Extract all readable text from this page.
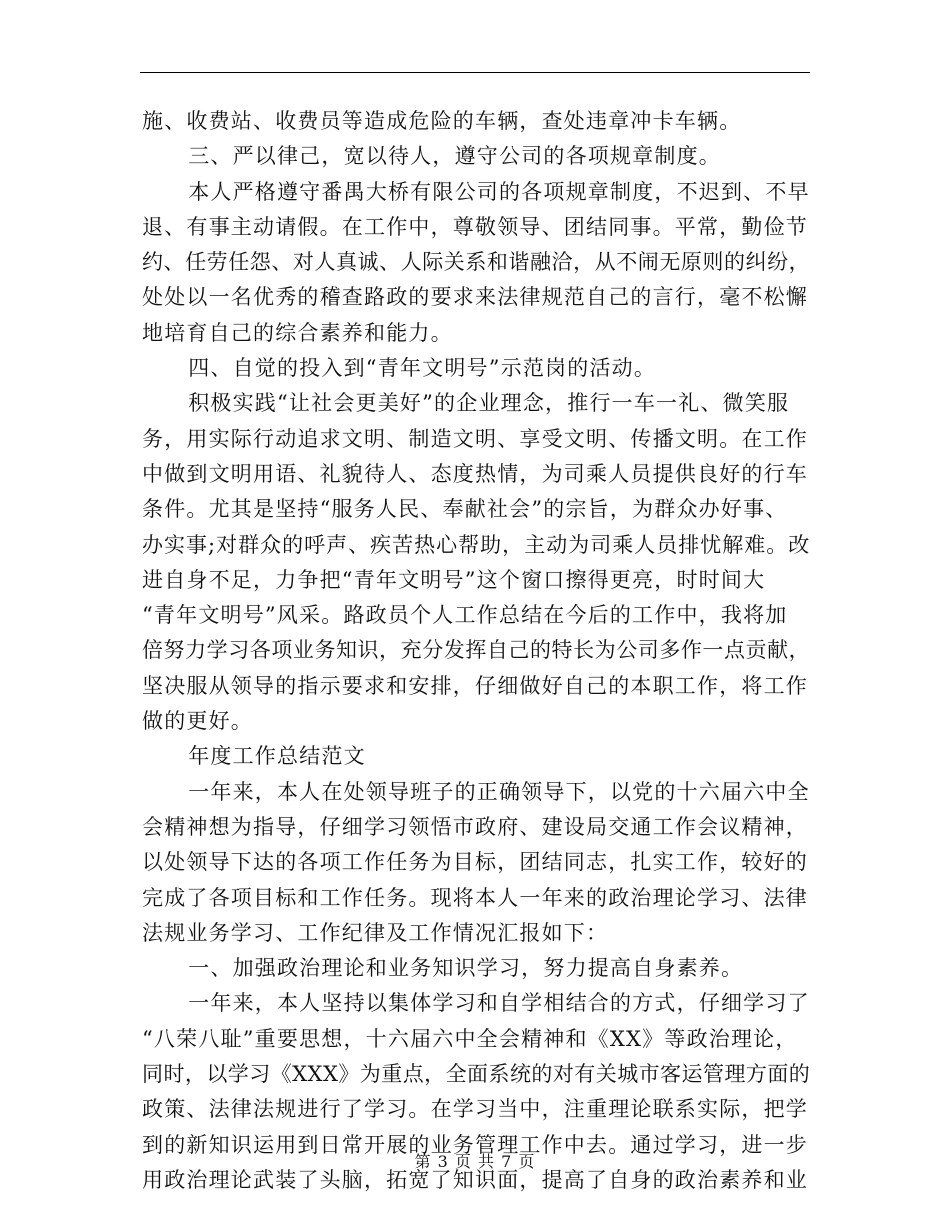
施、收费站、收费员等造成危险的车辆，查处违章冲卡车辆。

三、严以律己，宽以待人，遵守公司的各项规章制度。

本人严格遵守番禺大桥有限公司的各项规章制度，不迟到、不早

退、有事主动请假。在工作中，尊敬领导、团结同事。平常，勤俭节

约、任劳任怨、对人真诚、人际关系和谐融洽，从不闹无原则的纠纷，

处处以一名优秀的稽查路政的要求来法律规范自己的言行，毫不松懈

地培育自己的综合素养和能力。

四、自觉的投入到“青年文明号”示范岗的活动。

积极实践“让社会更美好”的企业理念，推行一车一礼、微笑服

务，用实际行动追求文明、制造文明、享受文明、传播文明。在工作

中做到文明用语、礼貌待人、态度热情，为司乘人员提供良好的行车

条件。尤其是坚持“服务人民、奉献社会”的宗旨，为群众办好事、

办实事;对群众的呼声、疾苦热心帮助，主动为司乘人员排忧解难。改

进自身不足，力争把“青年文明号”这个窗口擦得更亮，时时间大

“青年文明号”风采。路政员个人工作总结在今后的工作中，我将加

倍努力学习各项业务知识，充分发挥自己的特长为公司多作一点贡献，

坚决服从领导的指示要求和安排，仔细做好自己的本职工作，将工作

做的更好。

年度工作总结范文

一年来，本人在处领导班子的正确领导下，以党的十六届六中全

会精神想为指导，仔细学习领悟市政府、建设局交通工作会议精神，

以处领导下达的各项工作任务为目标，团结同志，扎实工作，较好的

完成了各项目标和工作任务。现将本人一年来的政治理论学习、法律

法规业务学习、工作纪律及工作情况汇报如下：

一、加强政治理论和业务知识学习，努力提高自身素养。

一年来，本人坚持以集体学习和自学相结合的方式，仔细学习了

“八荣八耻”重要思想，十六届六中全会精神和《XX》等政治理论，

同时，以学习《XXX》为重点，全面系统的对有关城市客运管理方面的

政策、法律法规进行了学习。在学习当中，注重理论联系实际，把学

到的新知识运用到日常开展的业务管理工作中去。通过学习，进一步

用政治理论武装了头脑，拓宽了知识面，提高了自身的政治素养和业

第 3 页 共 7 页
